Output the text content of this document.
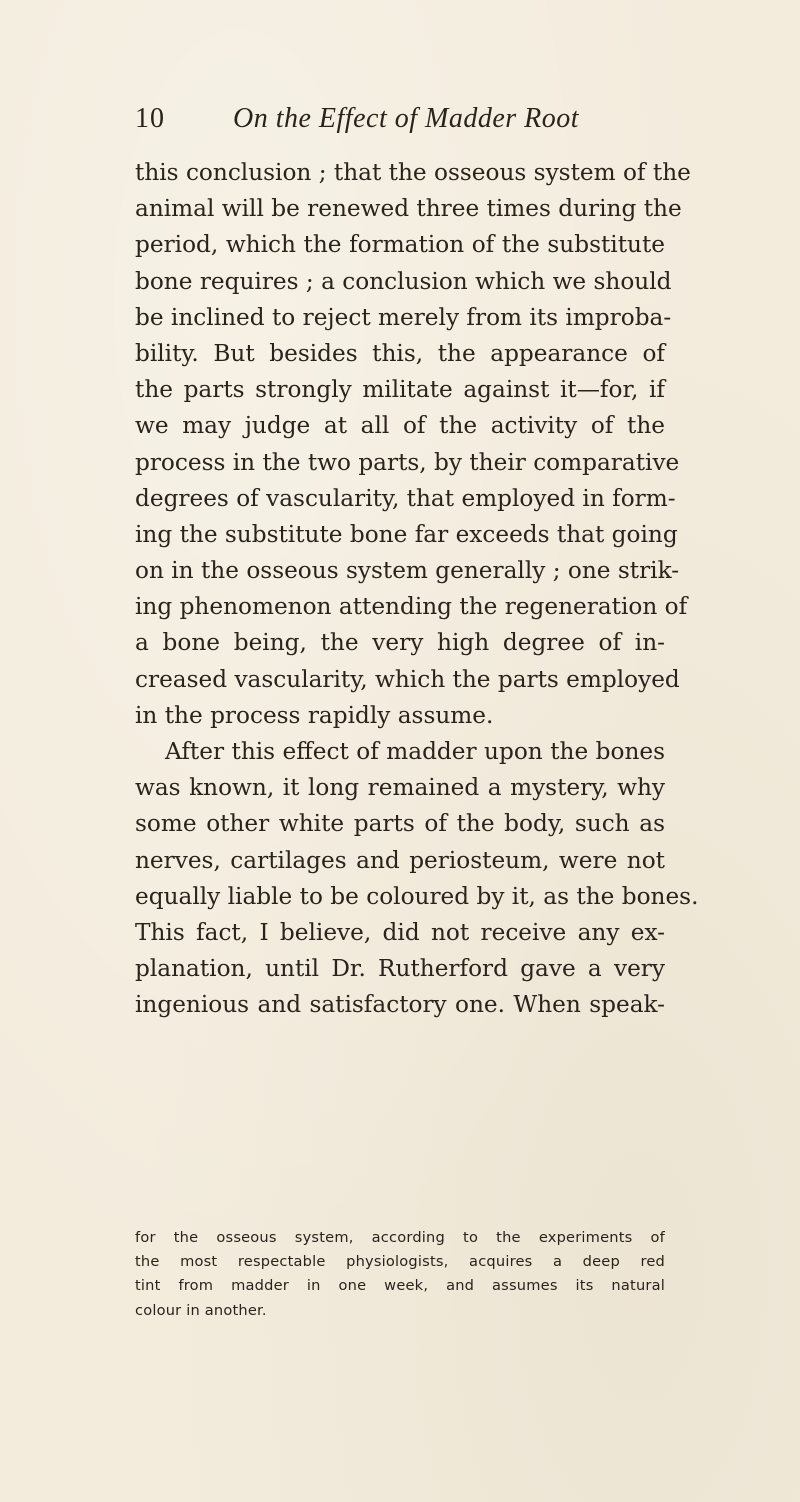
10 On the Effect of Madder Root
this conclusion ; that the osseous system of the
animal will be renewed three times during the
period, which the formation of the substitute
bone requires ; a conclusion which we should
be inclined to reject merely from its improba-
bility. But besides this, the appearance of
the parts strongly militate against it—for, if
we may judge at all of the activity of the
process in the two parts, by their comparative
degrees of vascularity, that employed in form-
ing the substitute bone far exceeds that going
on in the osseous system generally ; one strik-
ing phenomenon attending the regeneration of
a bone being, the very high degree of in-
creased vascularity, which the parts employed
in the process rapidly assume.
After this effect of madder upon the bones
was known, it long remained a mystery, why
some other white parts of the body, such as
nerves, cartilages and periosteum, were not
equally liable to be coloured by it, as the bones.
This fact, I believe, did not receive any ex-
planation, until Dr. Rutherford gave a very
ingenious and satisfactory one. When speak-
for the osseous system, according to the experiments of
the most respectable physiologists, acquires a deep red
tint from madder in one week, and assumes its natural
colour in another.
